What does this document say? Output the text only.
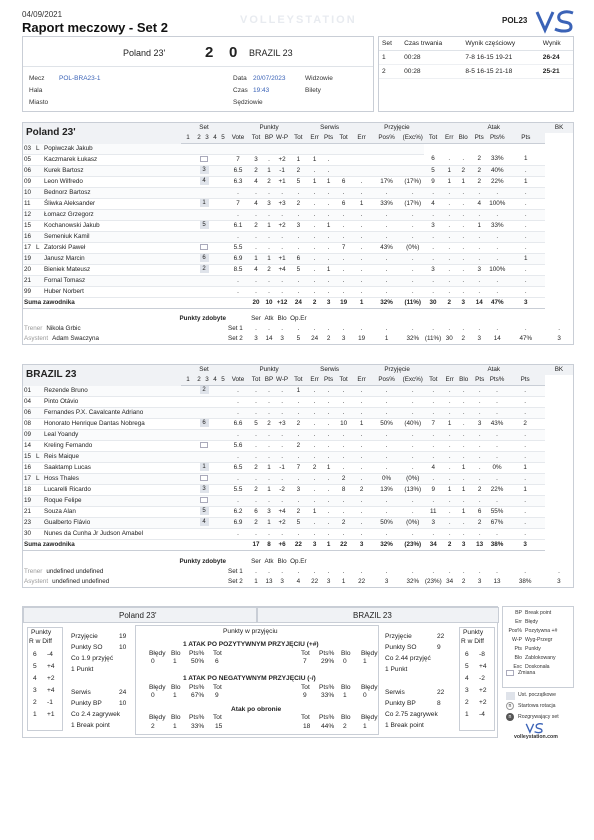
04/09/2021
Raport meczowy - Set 2	VOLLEYSTATION	POL23
Poland 23'	2 0 BRAZIL 23
Mecz POL-BRA23-1
Hala
Miasto
Data 20/07/2023
Czas 19:43
Sędziowie
Widzowie
Bilety
Set	Czas trwania	Wynik częściowy	Wynik
1	00:28	7-8 16-15 19-21	26-24
2	00:28	8-5 16-15 21-18	25-21
Poland 23'			Set						Punkty				Serwis			Przyjęcie				Atak					BK
			1	2	3	4	5	Vote	Tot	BP	W-P	Tot	Err	Pts	Tot	Err	Pos%	(Exc%)	Tot	Err	Blo	Pts	Pts%	Pts	
03	L	Popiwczak Jakub																							
05		Kaczmarek Łukasz						7	3	.	+2	1	1	.					6	.	.	2	33%	1	
06		Kurek Bartosz	3					6.5	2	1	-1	2	.	.					5	1	2	2	40%	.	
09		Leon Wilfredo	4					6.3	4	2	+1	5	1	1	6	.	17%	(17%)	9	1	1	2	22%	1	
10		Bednorz Bartosz						.	.	.	.	.	.	.	.	.	.	.	.	.	.	.	.	.	
11		Śliwka Aleksander	1					7	4	3	+3	2	.	.	6	1	33%	(17%)	4	.	.	4	100%	.	
12		Łomacz Grzegorz						.	.	.	.	.	.	.	.	.	.	.	.	.	.	.	.	.	
15		Kochanowski Jakub	5					6.1	2	1	+2	3	.	1	.	.	.	.	3	.	.	1	33%	.	
16		Semeniuk Kamil						.	.	.	.	.	.	.	.	.	.	.	.	.	.	.	.	.	
17	L	Zatorski Paweł						5.5	.	.	.	.	.	.	7	.	43%	(0%)	.	.	.	.	.	.	
19		Janusz Marcin	6					6.9	1	1	+1	6	.	.	.	.	.	.	.	.	.	.	.	1	
20		Bieniek Mateusz	2					8.5	4	2	+4	5	.	1	.	.	.	.	3	.	.	3	100%	.	
21		Fornal Tomasz						.	.	.	.	.	.	.	.	.	.	.	.	.	.	.	.	.	
99		Huber Norbert						.	.	.	.	.	.	.	.	.	.	.	.	.	.	.	.	.	
Suma zawodnika									20	10	+12	24	2	3	19	1	32%	(11%)	30	2	3	14	47%	3	

Punkty zdobyte									Ser	Atk	Blo	Op.Er													
Trener Nikola Grbic								Set 1	.	.	.	.	.	.	.	.	.	.	.	.	.	.	.	.	.
Asystent Adam Swaczyna								Set 2	3	14	3	5	24	2	3	19	1	32%	(11%)	30	2	3	14	47%	3
BRAZIL 23			Set						Punkty				Serwis			Przyjęcie				Atak					BK
			1	2	3	4	5	Vote	Tot	BP	W-P	Tot	Err	Pts	Tot	Err	Pos%	(Exc%)	Tot	Err	Blo	Pts	Pts%	Pts	
01		Rezende Bruno	2					.	.	.	.	1	.	.	.	.	.	.	.	.	.	.	.	.	
04		Pinto Otávio						.	.	.	.	.	.	.	.	.	.	.	.	.	.	.	.	.	
06		Fernandes P.X. Cavalcante Adriano						.	.	.	.	.	.	.	.	.	.	.	.	.	.	.	.	.	
08		Honorato Henrique Dantas Nobrega	6					6.6	5	2	+3	2	.	.	10	1	50%	(40%)	7	1	.	3	43%	2	
09		Leal Yoandy						.	.	.	.	.	.	.	.	.	.	.	.	.	.	.	.	.	
14		Kreling Fernando						5.6	.	.	.	2	.	.	.	.	.	.	.	.	.	.	.	.	
15	L	Reis Maique						.	.	.	.	.	.	.	.	.	.	.	.	.	.	.	.	.	
16		Saaktamp Lucas	1					6.5	2	1	-1	7	2	1	.	.	.	.	4	.	1	.	0%	1	
17	L	Hoss Thales						.	.	.	.	.	.	.	2	.	0%	(0%)	.	.	.	.	.	.	
18		Lucarelli Ricardo	3					5.5	2	1	-2	3	.	.	8	2	13%	(13%)	9	1	1	2	22%	1	
19		Roque Felipe						.	.	.	.	.	.	.	.	.	.	.	.	.	.	.	.	.	
21		Souza Alan	5					6.2	6	3	+4	2	1	.	.	.	.	.	11	.	1	6	55%	.	
23		Gualberto Flávio	4					6.9	2	1	+2	5	.	.	2	.	50%	(0%)	3	.	.	2	67%	.	
30		Nunes da Cunha Jr Judson Amabel						.	.	.	.	.	.	.	.	.	.	.	.	.	.	.	.	.	
Suma zawodnika									17	8	+6	22	3	1	22	3	32%	(23%)	34	2	3	13	38%	3	

Punkty zdobyte									Ser	Atk	Blo	Op.Er													
Trener undefined undefined								Set 1	.	.	.	.	.	.	.	.	.	.	.	.	.	.	.	.	.
Asystent undefined undefined								Set 2	1	13	3	4	22	3	1	22	3	32%	(23%)	34	2	3	13	38%	3
Poland 23'	BRAZIL 23
Punkty
R w Diff
6 -4
5 +4
4 +2
3 +4
2 -1
1 +1
Punkty
R w Diff
6 -8
5 +4
4 -2
3 +2
2 +2
1 -4
Przyjęcie	19
Punkty SO 10
Co 1.9 przyjęć
1 Punkt
Serwis	24
Punkty BP	10
Co 2.4 zagrywek
1 Break point
Przyjęcie	22
Punkty SO	9
Co 2.44 przyjęć
1 Punkt
Serwis	22
Punkty BP	8
Co 2.75 zagrywek
1 Break point
Punkty w przyjęciu
1 ATAK PO POZYTYWNYM PRZYJĘCIU (+#)
1 ATAK PO NEGATYWNYM PRZYJĘCIU (-/)
Atak po obronie
Błędy Blo Pts% Tot	Tot Pts% Blo Błędy
0	1 50% 6	7 29% 0 1
Błędy Blo Pts% Tot	Tot Pts% Blo Błędy
0	1 67% 9	9 33% 1 0
Błędy Blo Pts% Tot	Tot Pts% Blo Błędy
2	1 33% 15	18 44% 2 1
BP Break point
Err Błędy
Pos% Pozytywna +#
W-P Wyg-Przegr
Pts Punkty
Blo Zablokowany
Exc Doskonała
Zmiana
Ust. początkowe
n	Startowa rotacja
n	Rozgrywający set
volleystation.com
